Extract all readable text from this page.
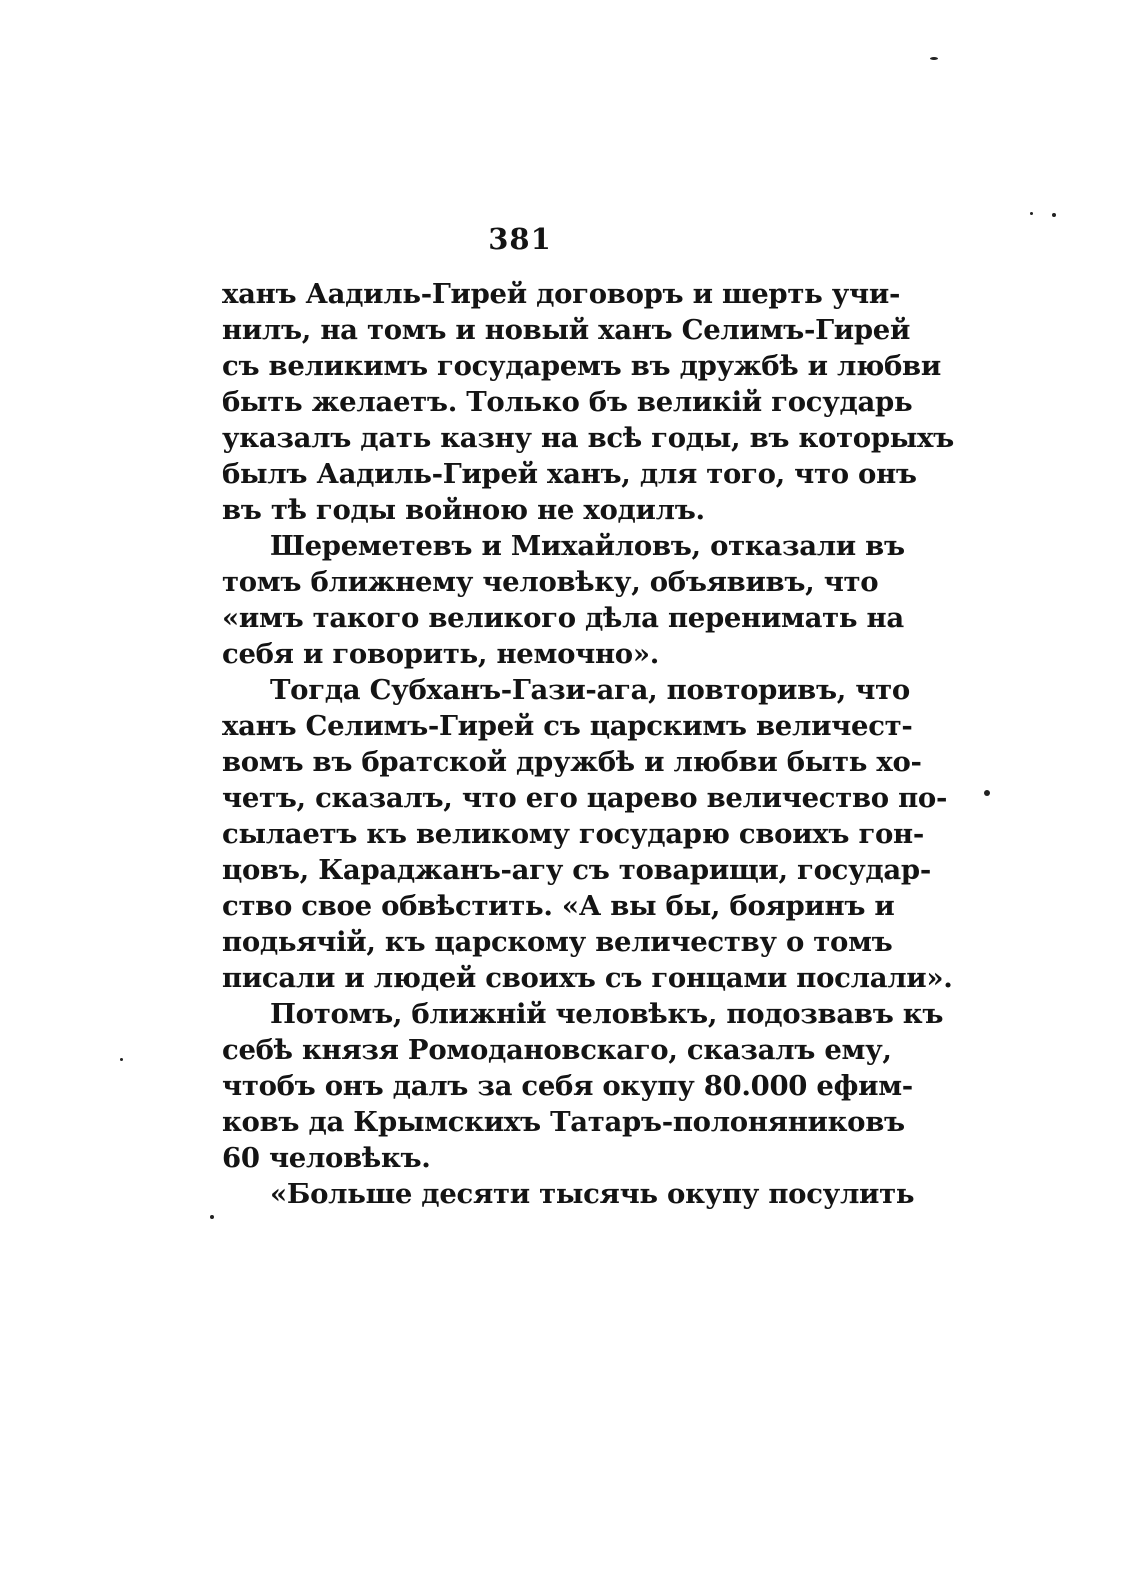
381
ханъ Аадиль-Гирей договоръ и шерть учи-
нилъ, на томъ и новый ханъ Селимъ-Гирей
съ великимъ государемъ въ дружбѣ и любви
быть желаетъ. Только бъ великій государь
указалъ дать казну на всѣ годы, въ которыхъ
былъ Аадиль-Гирей ханъ, для того, что онъ
въ тѣ годы войною не ходилъ.
Шереметевъ и Михайловъ, отказали въ
томъ ближнему человѣку, объявивъ, что
«имъ такого великого дѣла перенимать на
себя и говорить, немочно».
Тогда Субханъ-Гази-ага, повторивъ, что
ханъ Селимъ-Гирей съ царскимъ величест-
вомъ въ братской дружбѣ и любви быть хо-
четъ, сказалъ, что его царево величество по-
сылаетъ къ великому государю своихъ гон-
цовъ, Караджанъ-агу съ товарищи, государ-
ство свое обвѣстить. «А вы бы, бояринъ и
подьячій, къ царскому величеству о томъ
писали и людей своихъ съ гонцами послали».
Потомъ, ближній человѣкъ, подозвавъ къ
себѣ князя Ромодановскаго, сказалъ ему,
чтобъ онъ далъ за себя окупу 80.000 ефим-
ковъ да Крымскихъ Татаръ-полоняниковъ
60 человѣкъ.
«Больше десяти тысячь окупу посулить
